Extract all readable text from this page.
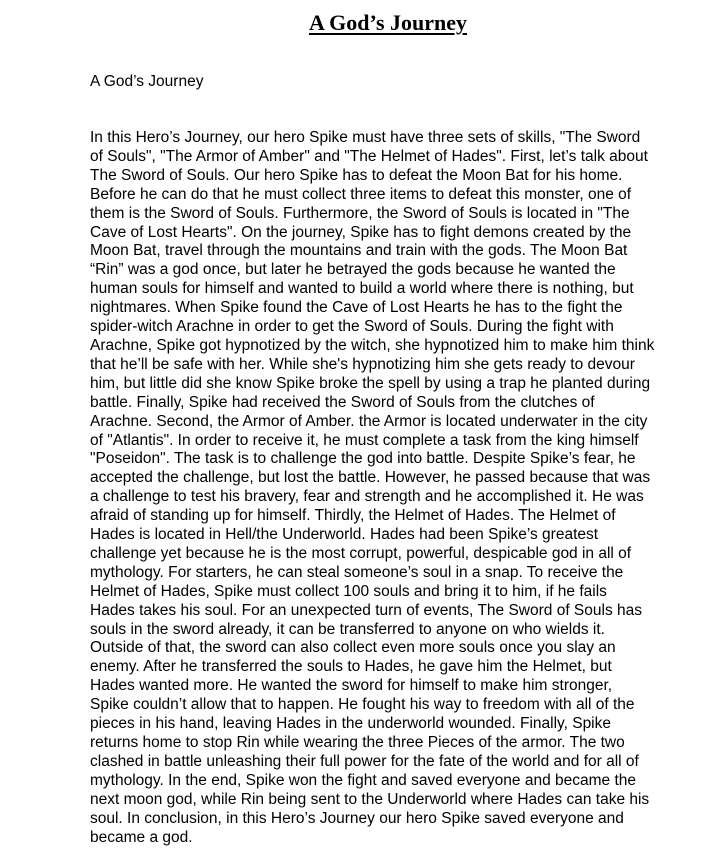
A God’s Journey
A God’s Journey
In this Hero’s Journey, our hero Spike must have three sets of skills, "The Sword
of Souls", "The Armor of Amber" and "The Helmet of Hades". First, let’s talk about
The Sword of Souls. Our hero Spike has to defeat the Moon Bat for his home.
Before he can do that he must collect three items to defeat this monster, one of
them is the Sword of Souls. Furthermore, the Sword of Souls is located in "The
Cave of Lost Hearts". On the journey, Spike has to fight demons created by the
Moon Bat, travel through the mountains and train with the gods. The Moon Bat
“Rin” was a god once, but later he betrayed the gods because he wanted the
human souls for himself and wanted to build a world where there is nothing, but
nightmares. When Spike found the Cave of Lost Hearts he has to the fight the
spider-witch Arachne in order to get the Sword of Souls. During the fight with
Arachne, Spike got hypnotized by the witch, she hypnotized him to make him think
that he’ll be safe with her. While she's hypnotizing him she gets ready to devour
him, but little did she know Spike broke the spell by using a trap he planted during
battle. Finally, Spike had received the Sword of Souls from the clutches of
Arachne. Second, the Armor of Amber. the Armor is located underwater in the city
of "Atlantis". In order to receive it, he must complete a task from the king himself
"Poseidon". The task is to challenge the god into battle. Despite Spike’s fear, he
accepted the challenge, but lost the battle. However, he passed because that was
a challenge to test his bravery, fear and strength and he accomplished it. He was
afraid of standing up for himself. Thirdly, the Helmet of Hades. The Helmet of
Hades is located in Hell/the Underworld. Hades had been Spike’s greatest
challenge yet because he is the most corrupt, powerful, despicable god in all of
mythology. For starters, he can steal someone’s soul in a snap. To receive the
Helmet of Hades, Spike must collect 100 souls and bring it to him, if he fails
Hades takes his soul. For an unexpected turn of events, The Sword of Souls has
souls in the sword already, it can be transferred to anyone on who wields it.
Outside of that, the sword can also collect even more souls once you slay an
enemy. After he transferred the souls to Hades, he gave him the Helmet, but
Hades wanted more. He wanted the sword for himself to make him stronger,
Spike couldn’t allow that to happen. He fought his way to freedom with all of the
pieces in his hand, leaving Hades in the underworld wounded. Finally, Spike
returns home to stop Rin while wearing the three Pieces of the armor. The two
clashed in battle unleashing their full power for the fate of the world and for all of
mythology. In the end, Spike won the fight and saved everyone and became the
next moon god, while Rin being sent to the Underworld where Hades can take his
soul. In conclusion, in this Hero’s Journey our hero Spike saved everyone and
became a god.
